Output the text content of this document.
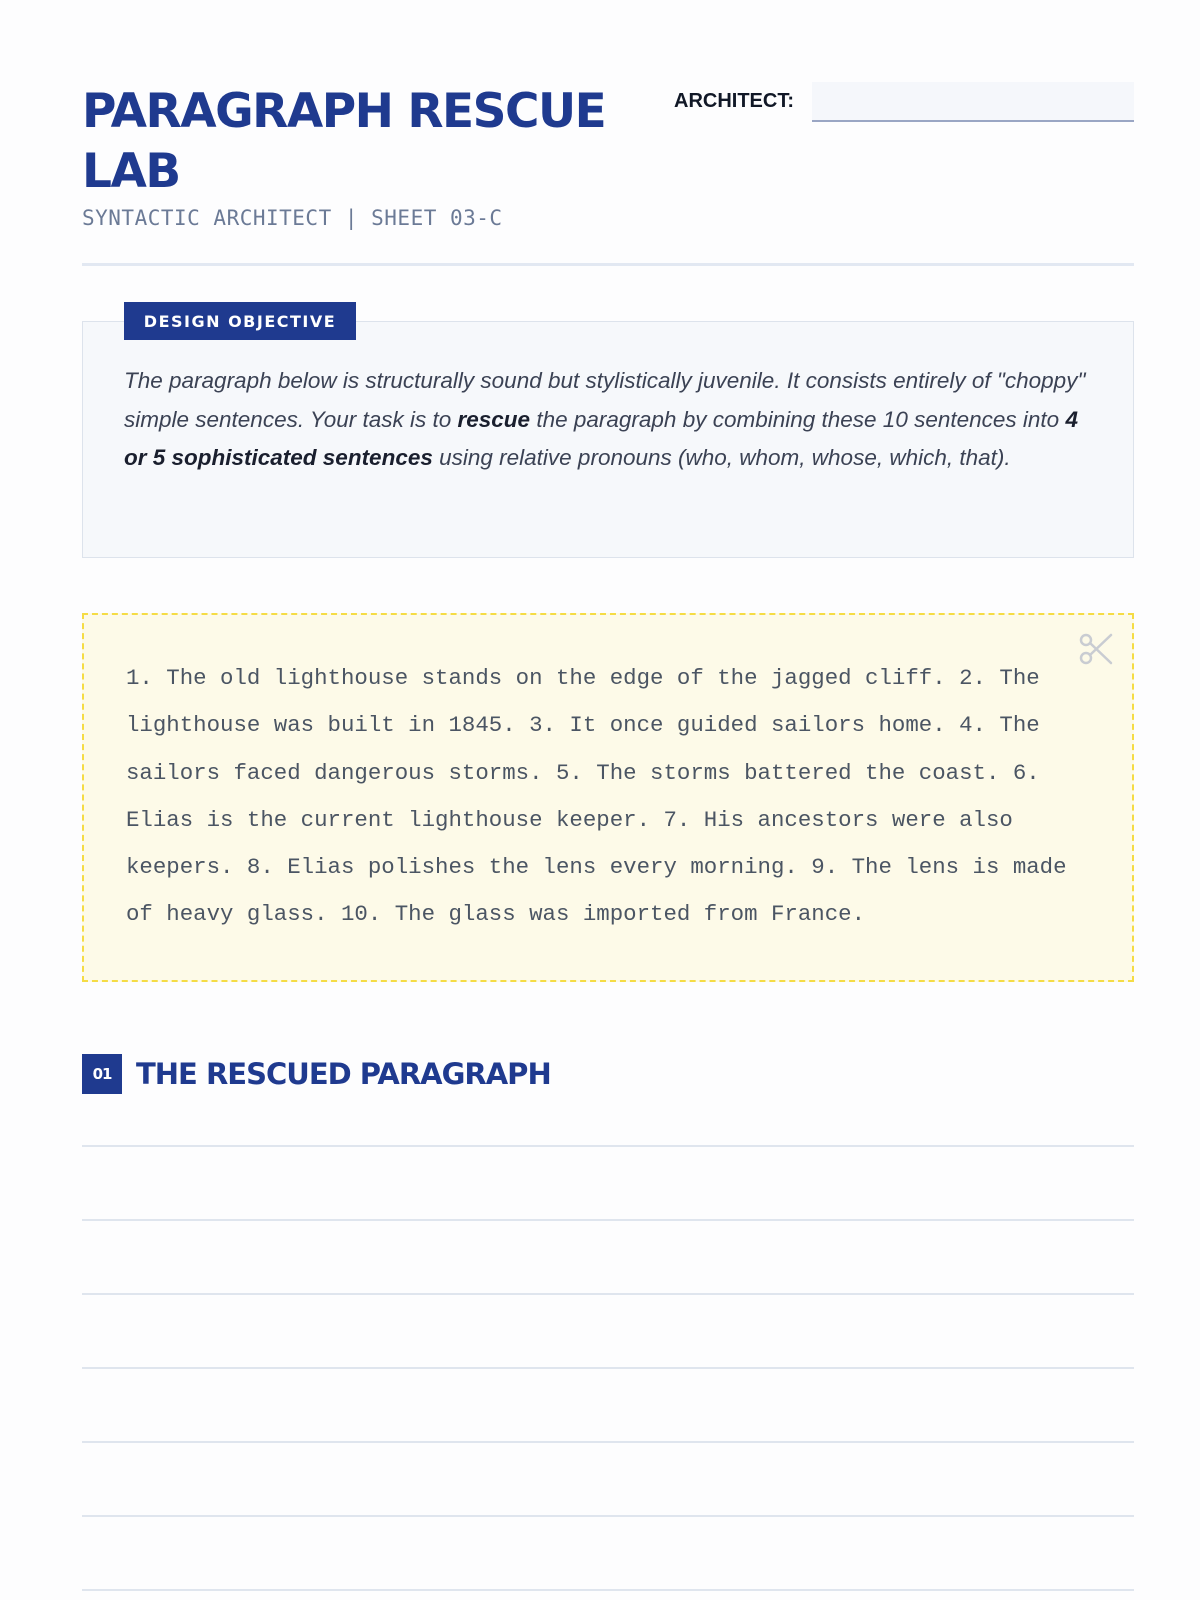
PARAGRAPH RESCUE LAB
SYNTACTIC ARCHITECT | SHEET 03-C
ARCHITECT:
DESIGN OBJECTIVE

The paragraph below is structurally sound but stylistically juvenile. It consists entirely of "choppy" simple sentences. Your task is to rescue the paragraph by combining these 10 sentences into 4 or 5 sophisticated sentences using relative pronouns (who, whom, whose, which, that).

1. The old lighthouse stands on the edge of the jagged cliff. 2. The lighthouse was built in 1845. 3. It once guided sailors home. 4. The sailors faced dangerous storms. 5. The storms battered the coast. 6. Elias is the current lighthouse keeper. 7. His ancestors were also keepers. 8. Elias polishes the lens every morning. 9. The lens is made of heavy glass. 10. The glass was imported from France.

01 THE RESCUED PARAGRAPH
